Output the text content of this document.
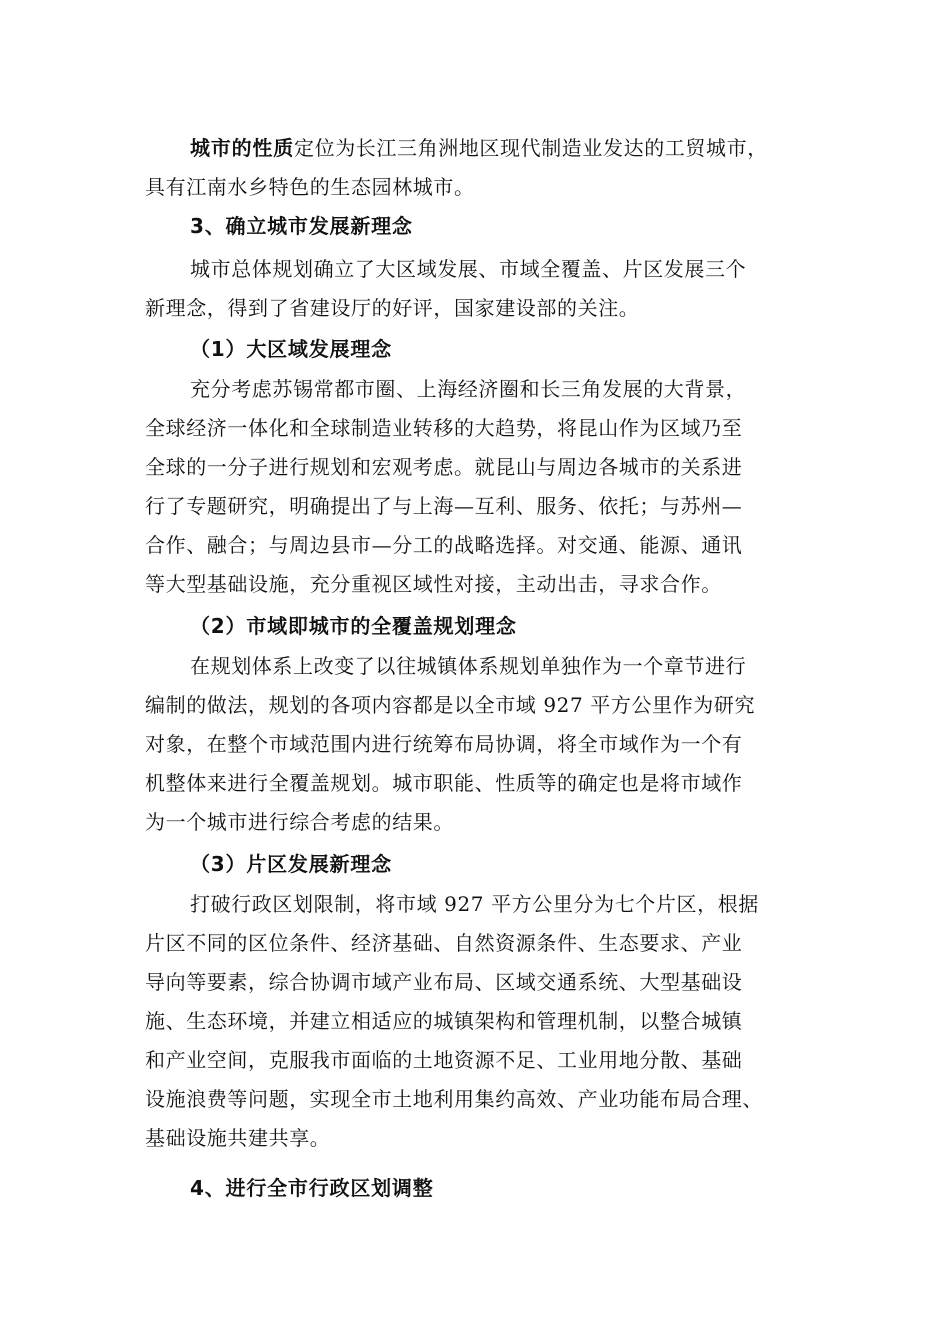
城市的性质定位为长江三角洲地区现代制造业发达的工贸城市，
具有江南水乡特色的生态园林城市。
3、确立城市发展新理念
城市总体规划确立了大区域发展、市域全覆盖、片区发展三个
新理念，得到了省建设厅的好评，国家建设部的关注。
（1）大区域发展理念
充分考虑苏锡常都市圈、上海经济圈和长三角发展的大背景，
全球经济一体化和全球制造业转移的大趋势，将昆山作为区域乃至
全球的一分子进行规划和宏观考虑。就昆山与周边各城市的关系进
行了专题研究，明确提出了与上海—互利、服务、依托；与苏州—
合作、融合；与周边县市—分工的战略选择。对交通、能源、通讯
等大型基础设施，充分重视区域性对接，主动出击，寻求合作。
（2）市域即城市的全覆盖规划理念
在规划体系上改变了以往城镇体系规划单独作为一个章节进行
编制的做法，规划的各项内容都是以全市域 927 平方公里作为研究
对象，在整个市域范围内进行统筹布局协调，将全市域作为一个有
机整体来进行全覆盖规划。城市职能、性质等的确定也是将市域作
为一个城市进行综合考虑的结果。
（3）片区发展新理念
打破行政区划限制，将市域 927 平方公里分为七个片区，根据
片区不同的区位条件、经济基础、自然资源条件、生态要求、产业
导向等要素，综合协调市域产业布局、区域交通系统、大型基础设
施、生态环境，并建立相适应的城镇架构和管理机制，以整合城镇
和产业空间，克服我市面临的土地资源不足、工业用地分散、基础
设施浪费等问题，实现全市土地利用集约高效、产业功能布局合理、
基础设施共建共享。
4、进行全市行政区划调整
